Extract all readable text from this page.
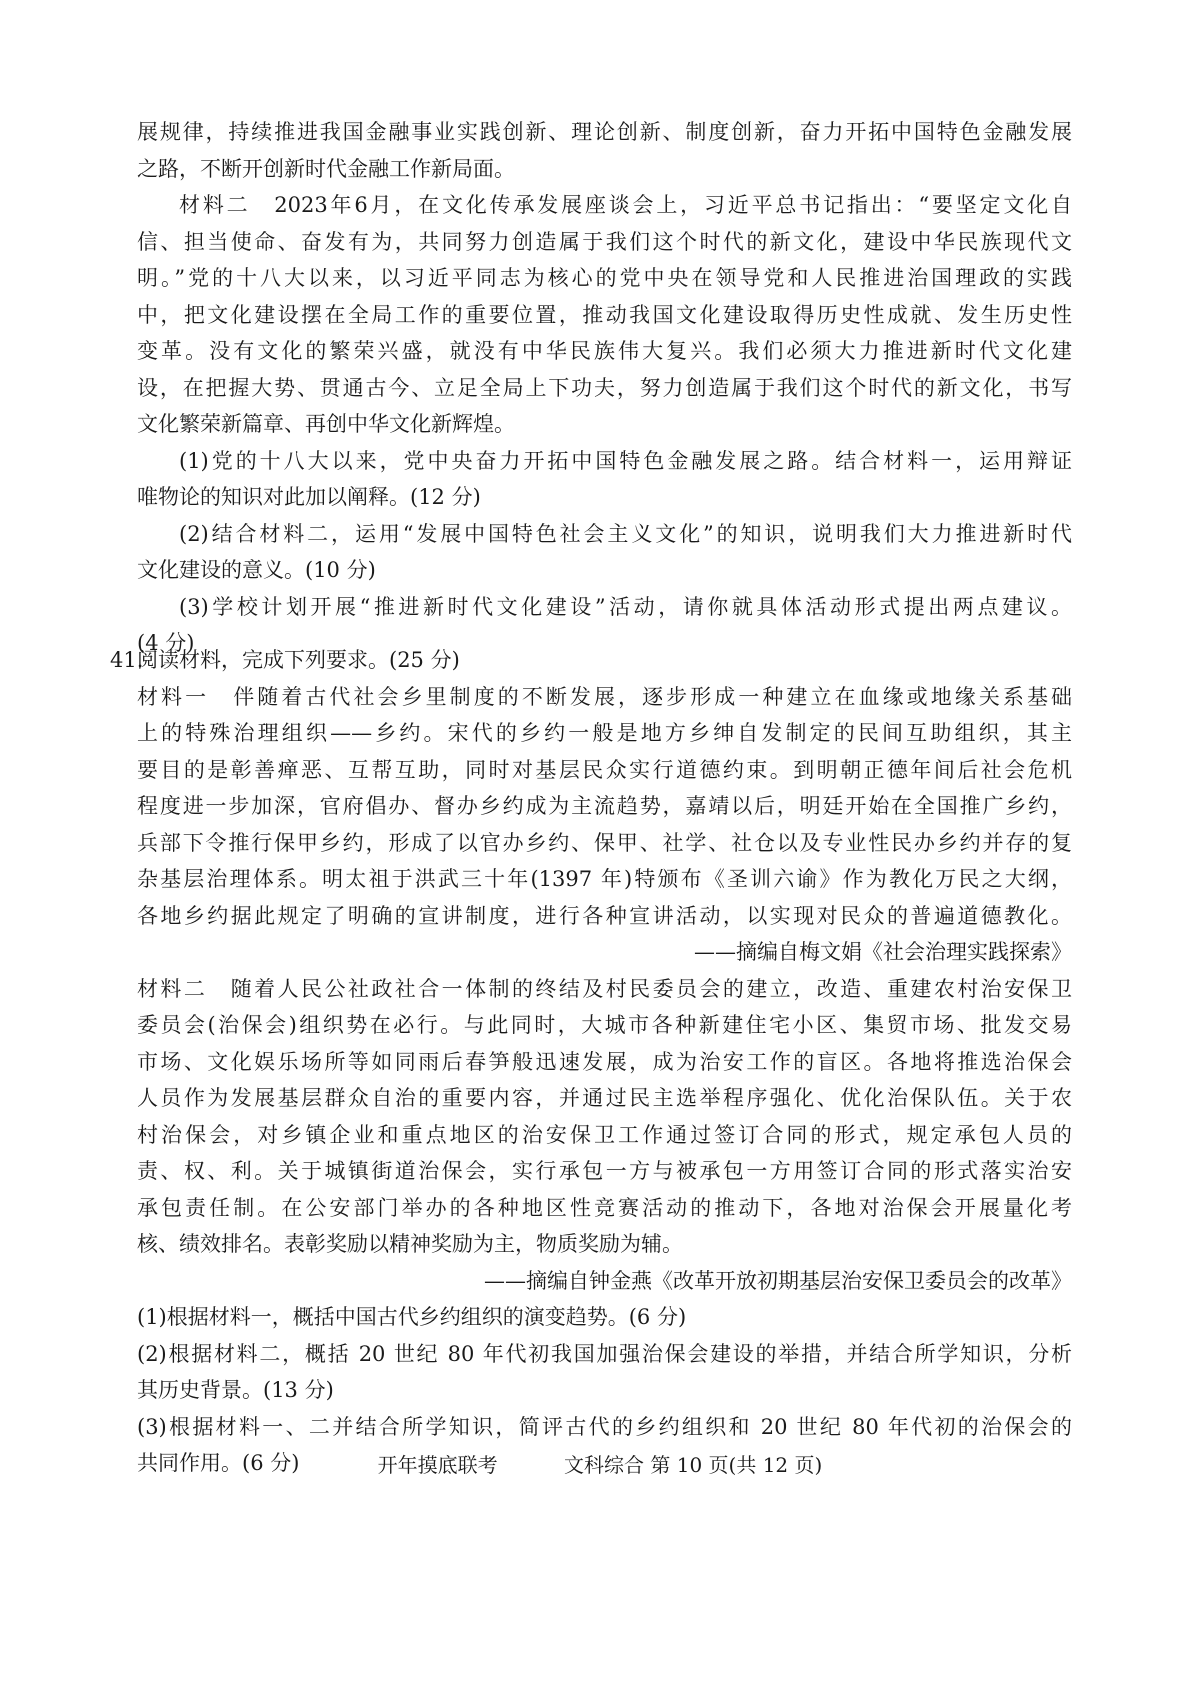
展规律，持续推进我国金融事业实践创新、理论创新、制度创新，奋力开拓中国特色金融发展
之路，不断开创新时代金融工作新局面。
材料二　2023年6月，在文化传承发展座谈会上，习近平总书记指出：“要坚定文化自
信、担当使命、奋发有为，共同努力创造属于我们这个时代的新文化，建设中华民族现代文
明。”党的十八大以来，以习近平同志为核心的党中央在领导党和人民推进治国理政的实践
中，把文化建设摆在全局工作的重要位置，推动我国文化建设取得历史性成就、发生历史性
变革。没有文化的繁荣兴盛，就没有中华民族伟大复兴。我们必须大力推进新时代文化建
设，在把握大势、贯通古今、立足全局上下功夫，努力创造属于我们这个时代的新文化，书写
文化繁荣新篇章、再创中华文化新辉煌。
(1)党的十八大以来，党中央奋力开拓中国特色金融发展之路。结合材料一，运用辩证
唯物论的知识对此加以阐释。(12 分)
(2)结合材料二，运用“发展中国特色社会主义文化”的知识，说明我们大力推进新时代
文化建设的意义。(10 分)
(3)学校计划开展“推进新时代文化建设”活动，请你就具体活动形式提出两点建议。
(4 分)
41.
阅读材料，完成下列要求。(25 分)
材料一　伴随着古代社会乡里制度的不断发展，逐步形成一种建立在血缘或地缘关系基础
上的特殊治理组织——乡约。宋代的乡约一般是地方乡绅自发制定的民间互助组织，其主
要目的是彰善瘅恶、互帮互助，同时对基层民众实行道德约束。到明朝正德年间后社会危机
程度进一步加深，官府倡办、督办乡约成为主流趋势，嘉靖以后，明廷开始在全国推广乡约，
兵部下令推行保甲乡约，形成了以官办乡约、保甲、社学、社仓以及专业性民办乡约并存的复
杂基层治理体系。明太祖于洪武三十年(1397 年)特颁布《圣训六谕》作为教化万民之大纲，
各地乡约据此规定了明确的宣讲制度，进行各种宣讲活动，以实现对民众的普遍道德教化。
——摘编自梅文娟《社会治理实践探索》
材料二　随着人民公社政社合一体制的终结及村民委员会的建立，改造、重建农村治安保卫
委员会(治保会)组织势在必行。与此同时，大城市各种新建住宅小区、集贸市场、批发交易
市场、文化娱乐场所等如同雨后春笋般迅速发展，成为治安工作的盲区。各地将推选治保会
人员作为发展基层群众自治的重要内容，并通过民主选举程序强化、优化治保队伍。关于农
村治保会，对乡镇企业和重点地区的治安保卫工作通过签订合同的形式，规定承包人员的
责、权、利。关于城镇街道治保会，实行承包一方与被承包一方用签订合同的形式落实治安
承包责任制。在公安部门举办的各种地区性竞赛活动的推动下，各地对治保会开展量化考
核、绩效排名。表彰奖励以精神奖励为主，物质奖励为辅。
——摘编自钟金燕《改革开放初期基层治安保卫委员会的改革》
(1)根据材料一，概括中国古代乡约组织的演变趋势。(6 分)
(2)根据材料二，概括 20 世纪 80 年代初我国加强治保会建设的举措，并结合所学知识，分析
其历史背景。(13 分)
(3)根据材料一、二并结合所学知识，简评古代的乡约组织和 20 世纪 80 年代初的治保会的
共同作用。(6 分)	开年摸底联考	文科综合 第 10 页(共 12 页)
